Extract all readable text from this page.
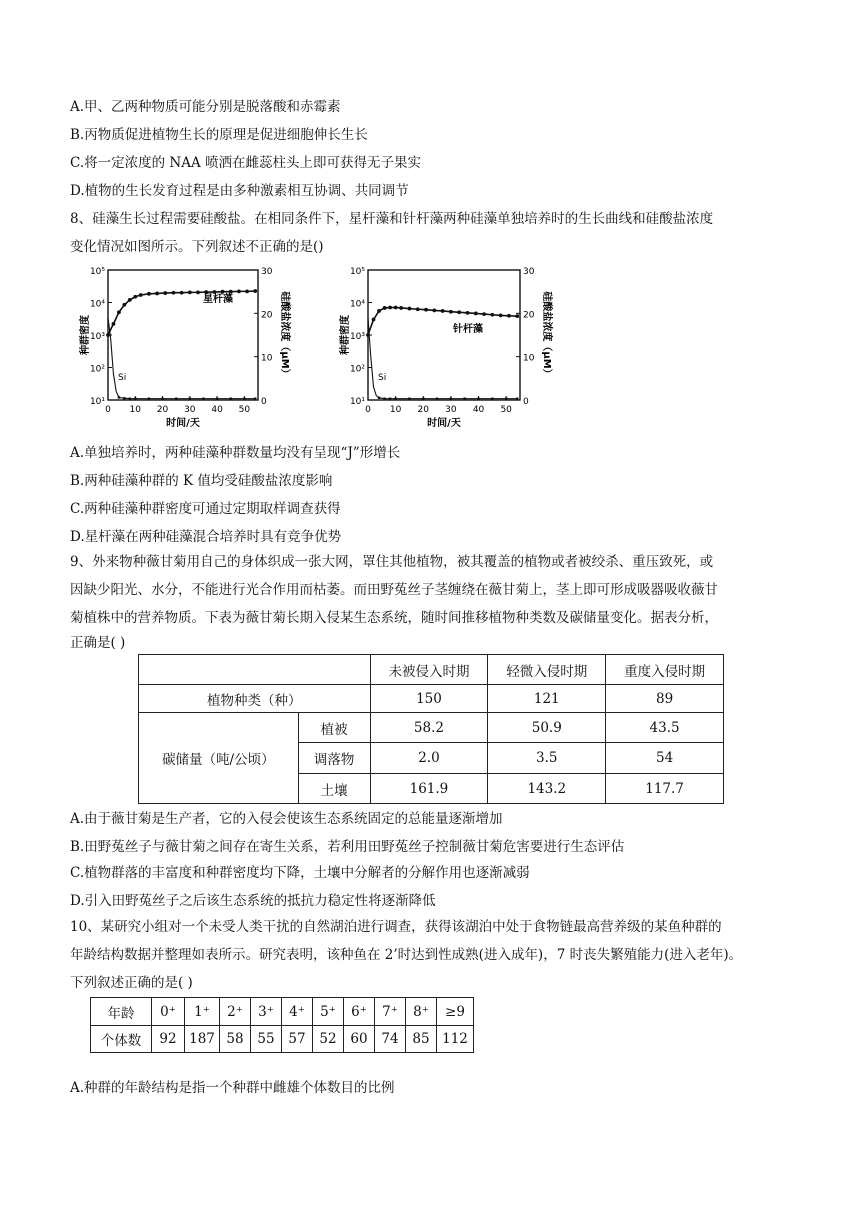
A.甲、乙两种物质可能分别是脱落酸和赤霉素
B.丙物质促进植物生长的原理是促进细胞伸长生长
C.将一定浓度的 NAA 喷洒在雌蕊柱头上即可获得无子果实
D.植物的生长发育过程是由多种激素相互协调、共同调节
8、硅藻生长过程需要硅酸盐。在相同条件下，星杆藻和针杆藻两种硅藻单独培养时的生长曲线和硅酸盐浓度
变化情况如图所示。下列叙述不正确的是()
10¹
10²
10³
10⁴
10⁵
0
10
20
30
0 10 20 30 40 50
种群密度	硅酸盐浓度（μM）
时间/天
星杆藻
Si
10¹
10²
10³
10⁴
10⁵
0
10
20
30
0 10 20 30 40 50
种群密度	硅酸盐浓度（μM）
时间/天
针杆藻
Si
A.单独培养时，两种硅藻种群数量均没有呈现“J”形增长
B.两种硅藻种群的 K 值均受硅酸盐浓度影响
C.两种硅藻种群密度可通过定期取样调查获得
D.星杆藻在两种硅藻混合培养时具有竞争优势
9、外来物种薇甘菊用自己的身体织成一张大网，罩住其他植物，被其覆盖的植物或者被绞杀、重压致死，或
因缺少阳光、水分，不能进行光合作用而枯萎。而田野菟丝子茎缠绕在薇甘菊上，茎上即可形成吸器吸收薇甘
菊植株中的营养物质。下表为薇甘菊长期入侵某生态系统，随时间推移植物种类数及碳储量变化。据表分析，
正确是( )
		未被侵入时期	轻微入侵时期	重度入侵时期
植物种类（种）		150	121	89
碳储量（吨/公顷）	植被	58.2	50.9	43.5
	调落物	2.0	3.5	54
	土壤	161.9	143.2	117.7
A.由于薇甘菊是生产者，它的入侵会使该生态系统固定的总能量逐渐增加
B.田野菟丝子与薇甘菊之间存在寄生关系，若利用田野菟丝子控制薇甘菊危害要进行生态评估
C.植物群落的丰富度和种群密度均下降，土壤中分解者的分解作用也逐渐减弱
D.引入田野菟丝子之后该生态系统的抵抗力稳定性将逐渐降低
10、某研究小组对一个未受人类干扰的自然湖泊进行调查，获得该湖泊中处于食物链最高营养级的某鱼种群的
年龄结构数据并整理如表所示。研究表明，该种鱼在 2’时达到性成熟(进入成年)，7 时丧失繁殖能力(进入老年)。
下列叙述正确的是( )
年龄	0⁺	1⁺	2⁺	3⁺	4⁺	5⁺	6⁺	7⁺	8⁺	≥9
个体数	92	187	58	55	57	52	60	74	85	112
A.种群的年龄结构是指一个种群中雌雄个体数目的比例
